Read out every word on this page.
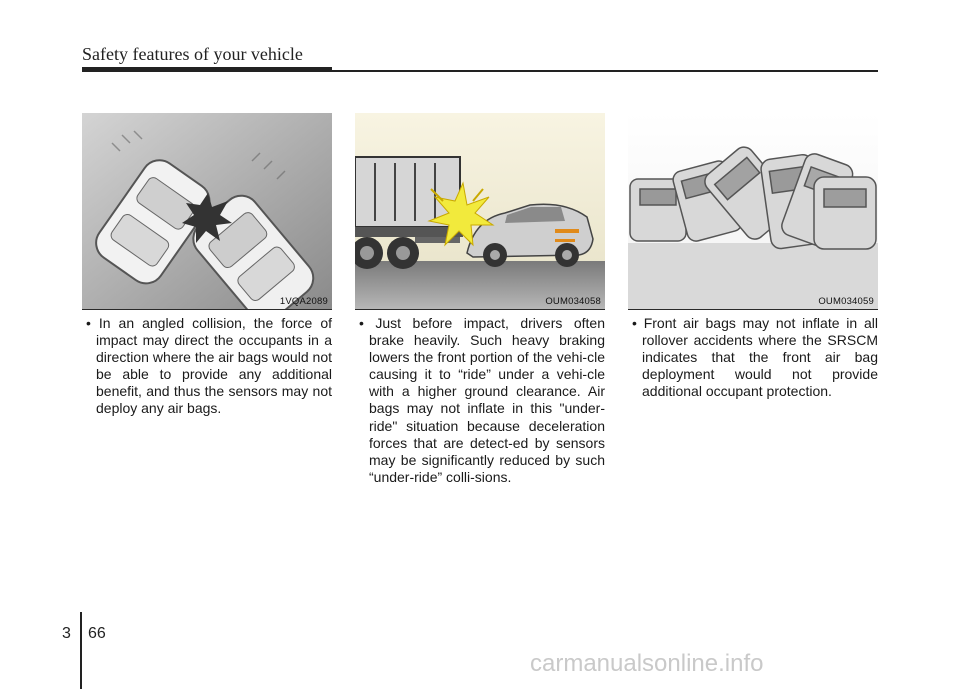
Safety features of your vehicle
1VQA2089	OUM034058	OUM034059
• In an angled collision, the force of impact may direct the occupants in a direction where the air bags would not be able to provide any additional benefit, and thus the sensors may not deploy any air bags.
• Just before impact, drivers often brake heavily. Such heavy braking lowers the front portion of the vehi-cle causing it to “ride” under a vehi-cle with a higher ground clearance. Air bags may not inflate in this "under-ride" situation because deceleration forces that are detect-ed by sensors may be significantly reduced by such “under-ride” colli-sions.
• Front air bags may not inflate in all rollover accidents where the SRSCM indicates that the front air bag deployment would not provide additional occupant protection.
3 66
carmanualsonline.info
